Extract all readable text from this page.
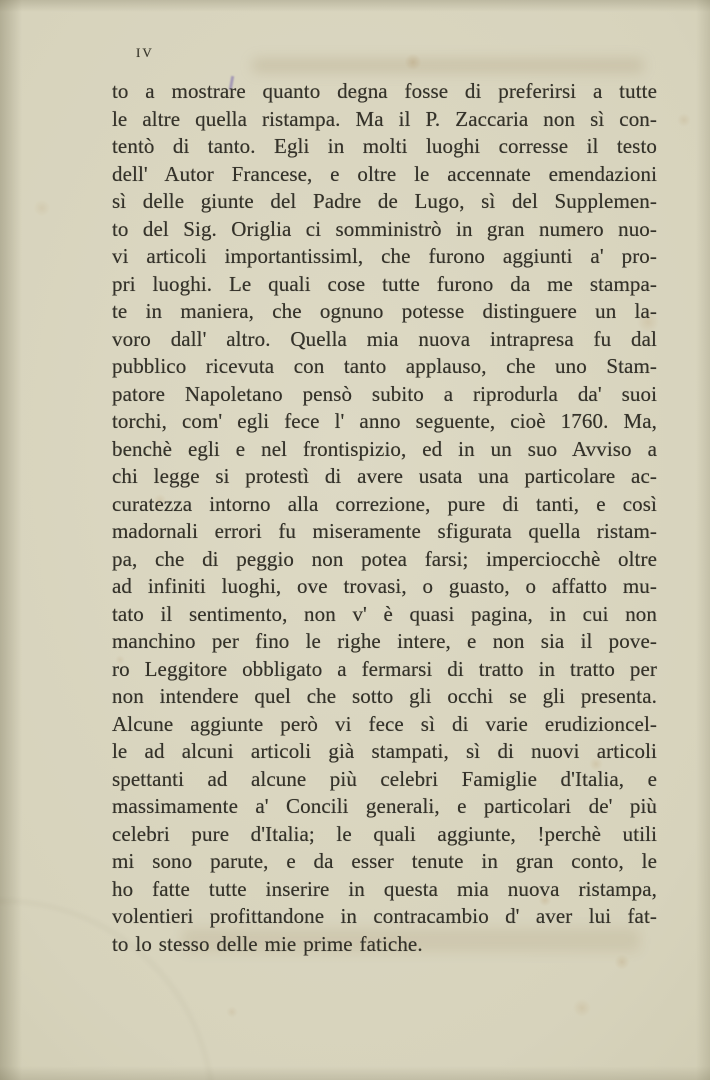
iv
to a mostrare quanto degna fosse di preferirsi a tutte
le altre quella ristampa. Ma il P. Zaccaria non sì con-
tentò di tanto. Egli in molti luoghi corresse il testo
dell' Autor Francese, e oltre le accennate emendazioni
sì delle giunte del Padre de Lugo, sì del Supplemen-
to del Sig. Origlia ci somministrò in gran numero nuo-
vi articoli importantissiml, che furono aggiunti a' pro-
pri luoghi. Le quali cose tutte furono da me stampa-
te in maniera, che ognuno potesse distinguere un la-
voro dall' altro. Quella mia nuova intrapresa fu dal
pubblico ricevuta con tanto applauso, che uno Stam-
patore Napoletano pensò subito a riprodurla da' suoi
torchi, com' egli fece l' anno seguente, cioè 1760. Ma,
benchè egli e nel frontispizio, ed in un suo Avviso a
chi legge si protestì di avere usata una particolare ac-
curatezza intorno alla correzione, pure di tanti, e così
madornali errori fu miseramente sfigurata quella ristam-
pa, che di peggio non potea farsi; imperciocchè oltre
ad infiniti luoghi, ove trovasi, o guasto, o affatto mu-
tato il sentimento, non v' è quasi pagina, in cui non
manchino per fino le righe intere, e non sia il pove-
ro Leggitore obbligato a fermarsi di tratto in tratto per
non intendere quel che sotto gli occhi se gli presenta.
Alcune aggiunte però vi fece sì di varie erudizioncel-
le ad alcuni articoli già stampati, sì di nuovi articoli
spettanti ad alcune più celebri Famiglie d'Italia, e
massimamente a' Concili generali, e particolari de' più
celebri pure d'Italia; le quali aggiunte, !perchè utili
mi sono parute, e da esser tenute in gran conto, le
ho fatte tutte inserire in questa mia nuova ristampa,
volentieri profittandone in contracambio d' aver lui fat-
to lo stesso delle mie prime fatiche.
